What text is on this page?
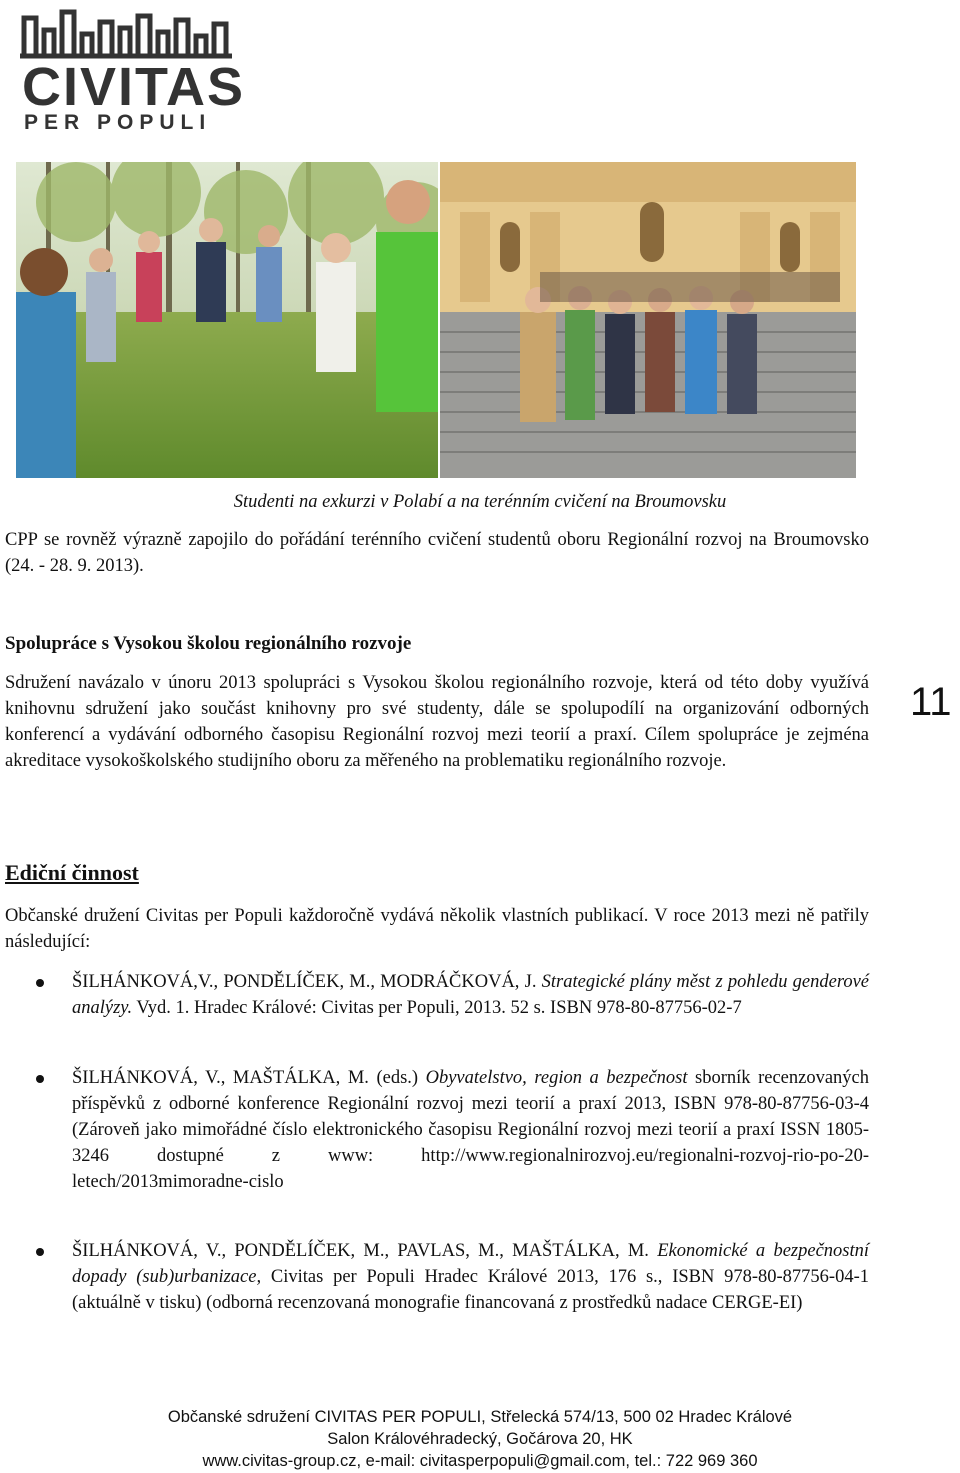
CIVITAS
PER POPULI
Studenti na exkurzi v Polabí a na terénním cvičení na Broumovsku
CPP se rovněž výrazně zapojilo do pořádání terénního cvičení studentů oboru Regionální rozvoj na Broumovsko (24. - 28. 9. 2013).
Spolupráce s Vysokou školou regionálního rozvoje
Sdružení navázalo v únoru 2013 spolupráci s Vysokou školou regionálního rozvoje, která od této doby využívá knihovnu sdružení jako součást knihovny pro své studenty, dále se spolupodílí na organizování odborných konferencí a vydávání odborného časopisu Regionální rozvoj mezi teorií a praxí. Cílem spolupráce je zejména akreditace vysokoškolského studijního oboru za měřeného na problematiku regionálního rozvoje.
11
Ediční činnost
Občanské družení Civitas per Populi každoročně vydává několik vlastních publikací. V roce 2013 mezi ně patřily následující:
ŠILHÁNKOVÁ,V., PONDĚLÍČEK, M., MODRÁČKOVÁ, J. Strategické plány měst z pohledu genderové analýzy. Vyd. 1. Hradec Králové: Civitas per Populi, 2013. 52 s. ISBN 978-80-87756-02-7
ŠILHÁNKOVÁ, V., MAŠTÁLKA, M. (eds.) Obyvatelstvo, region a bezpečnost sborník recenzovaných příspěvků z odborné konference Regionální rozvoj mezi teorií a praxí 2013, ISBN 978-80-87756-03-4 (Zároveň jako mimořádné číslo elektronického časopisu Regionální rozvoj mezi teorií a praxí ISSN 1805-3246 dostupné z www: http://www.regionalnirozvoj.eu/regionalni-rozvoj-rio-po-20-letech/2013mimoradne-cislo
ŠILHÁNKOVÁ, V., PONDĚLÍČEK, M., PAVLAS, M., MAŠTÁLKA, M. Ekonomické a bezpečnostní dopady (sub)urbanizace, Civitas per Populi Hradec Králové 2013, 176 s., ISBN 978-80-87756-04-1 (aktuálně v tisku) (odborná recenzovaná monografie financovaná z prostředků nadace CERGE-EI)
Občanské sdružení CIVITAS PER POPULI, Střelecká 574/13, 500 02 Hradec Králové
Salon Královéhradecký, Gočárova 20, HK
www.civitas-group.cz, e-mail: civitasperpopuli@gmail.com, tel.: 722 969 360
